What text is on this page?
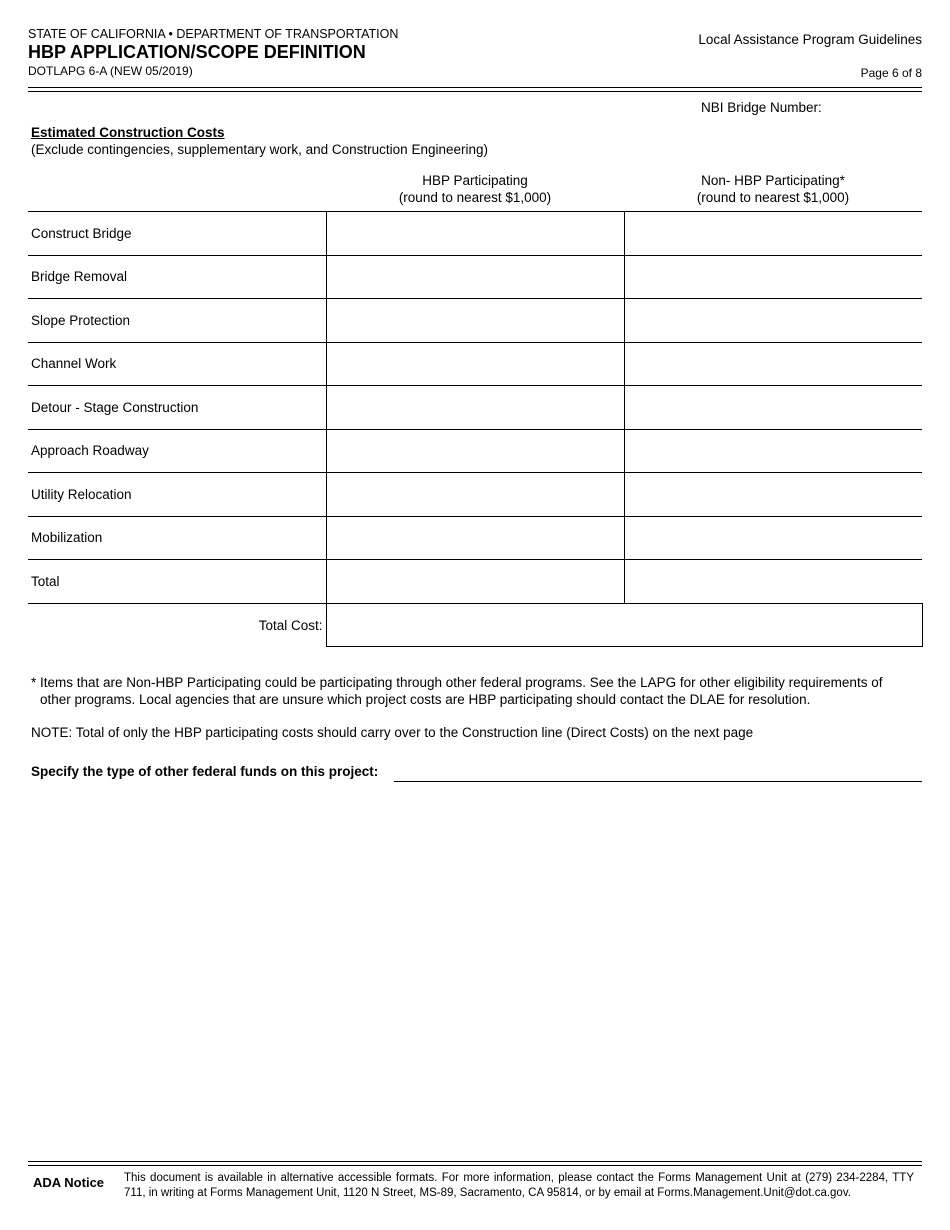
STATE OF CALIFORNIA • DEPARTMENT OF TRANSPORTATION
HBP APPLICATION/SCOPE DEFINITION
DOTLAPG 6-A (NEW 05/2019)
Local Assistance Program Guidelines
Page 6 of 8
NBI Bridge Number:
Estimated Construction Costs
(Exclude contingencies, supplementary work, and Construction Engineering)
HBP Participating
(round to nearest $1,000)
Non- HBP Participating*
(round to nearest $1,000)
Construct Bridge		
Bridge Removal		
Slope Protection		
Channel Work		
Detour - Stage Construction		
Approach Roadway		
Utility Relocation		
Mobilization		
Total		
Total Cost:		
* Items that are Non-HBP Participating could be participating through other federal programs. See the LAPG for other eligibility requirements of
other programs. Local agencies that are unsure which project costs are HBP participating should contact the DLAE for resolution.
NOTE: Total of only the HBP participating costs should carry over to the Construction line (Direct Costs) on the next page
Specify the type of other federal funds on this project:
ADA Notice This document is available in alternative accessible formats. For more information, please contact the Forms Management Unit at (279) 234-2284, TTY 711, in writing at Forms Management Unit, 1120 N Street, MS-89, Sacramento, CA 95814, or by email at Forms.Management.Unit@dot.ca.gov.
